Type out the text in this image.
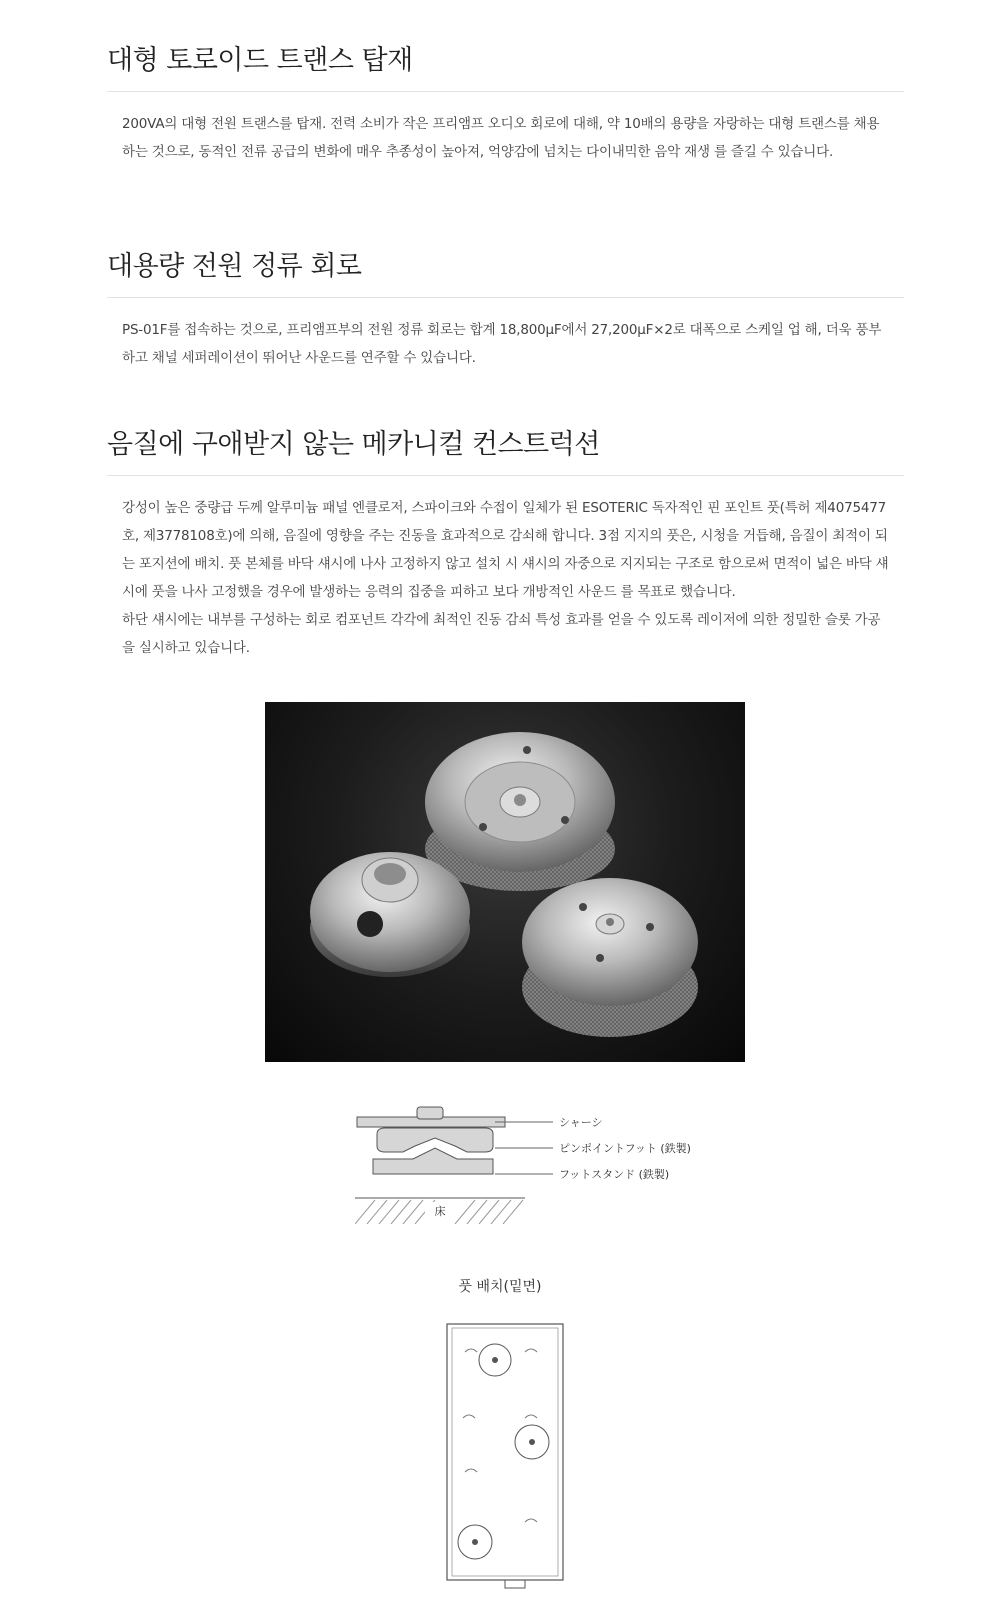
대형 토로이드 트랜스 탑재

200VA의 대형 전원 트랜스를 탑재. 전력 소비가 작은 프리앰프 오디오 회로에 대해, 약 10배의 용량을 자랑하는 대형 트랜스를 채용하는 것으로, 동적인 전류 공급의 변화에 매우 추종성이 높아져, 억양감에 넘치는 다이내믹한 음악 재생 를 즐길 수 있습니다.

대용량 전원 정류 회로

PS-01F를 접속하는 것으로, 프리앰프부의 전원 정류 회로는 합계 18,800μF에서 27,200μF×2로 대폭으로 스케일 업 해, 더욱 풍부하고 채널 세퍼레이션이 뛰어난 사운드를 연주할 수 있습니다.

음질에 구애받지 않는 메카니컬 컨스트럭션

강성이 높은 중량급 두께 알루미늄 패널 엔클로저, 스파이크와 수접이 일체가 된 ESOTERIC 독자적인 핀 포인트 풋(특허 제4075477호, 제3778108호)에 의해, 음질에 영향을 주는 진동을 효과적으로 감쇠해 합니다. 3점 지지의 풋은, 시청을 거듭해, 음질이 최적이 되는 포지션에 배치. 풋 본체를 바닥 섀시에 나사 고정하지 않고 설치 시 섀시의 자중으로 지지되는 구조로 함으로써 면적이 넓은 바닥 섀시에 풋을 나사 고정했을 경우에 발생하는 응력의 집중을 피하고 보다 개방적인 사운드 를 목표로 했습니다.

하단 섀시에는 내부를 구성하는 회로 컴포넌트 각각에 최적인 진동 감쇠 특성 효과를 얻을 수 있도록 레이저에 의한 정밀한 슬롯 가공을 실시하고 있습니다.

床
シャーシ
ピンポイントフット (鉄製)
フットスタンド (鉄製)
풋 배치(밑면)
